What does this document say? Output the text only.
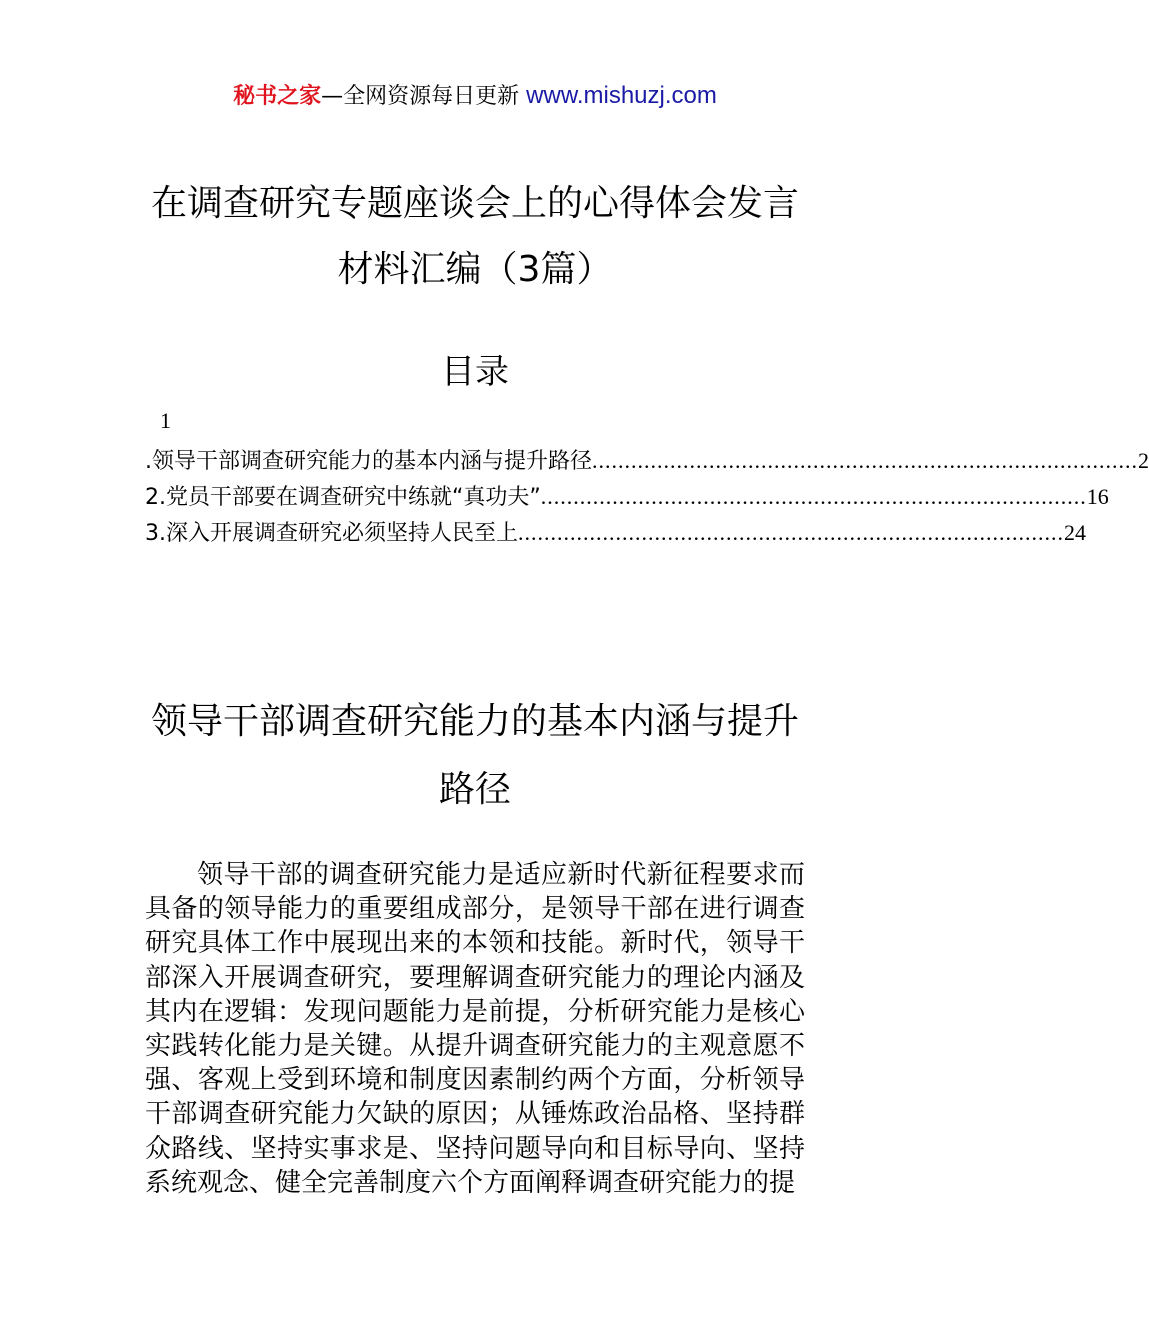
秘书之家—全网资源每日更新 www.mishuzj.com
在调查研究专题座谈会上的心得体会发言
材料汇编（3篇）
目录
1
.领导干部调查研究能力的基本内涵与提升路径 .................................................................................... 2
2.党员干部要在调查研究中练就“真功夫” .................................................................................... 16
3.深入开展调查研究必须坚持人民至上 .................................................................................... 24
领导干部调查研究能力的基本内涵与提升
路径

领导干部的调查研究能力是适应新时代新征程要求而具备的领导能力的重要组成部分，是领导干部在进行调查研究具体工作中展现出来的本领和技能。新时代，领导干部深入开展调查研究，要理解调查研究能力的理论内涵及其内在逻辑：发现问题能力是前提，分析研究能力是核心实践转化能力是关键。从提升调查研究能力的主观意愿不强、客观上受到环境和制度因素制约两个方面，分析领导干部调查研究能力欠缺的原因；从锤炼政治品格、坚持群众路线、坚持实事求是、坚持问题导向和目标导向、坚持系统观念、健全完善制度六个方面阐释调查研究能力的提
